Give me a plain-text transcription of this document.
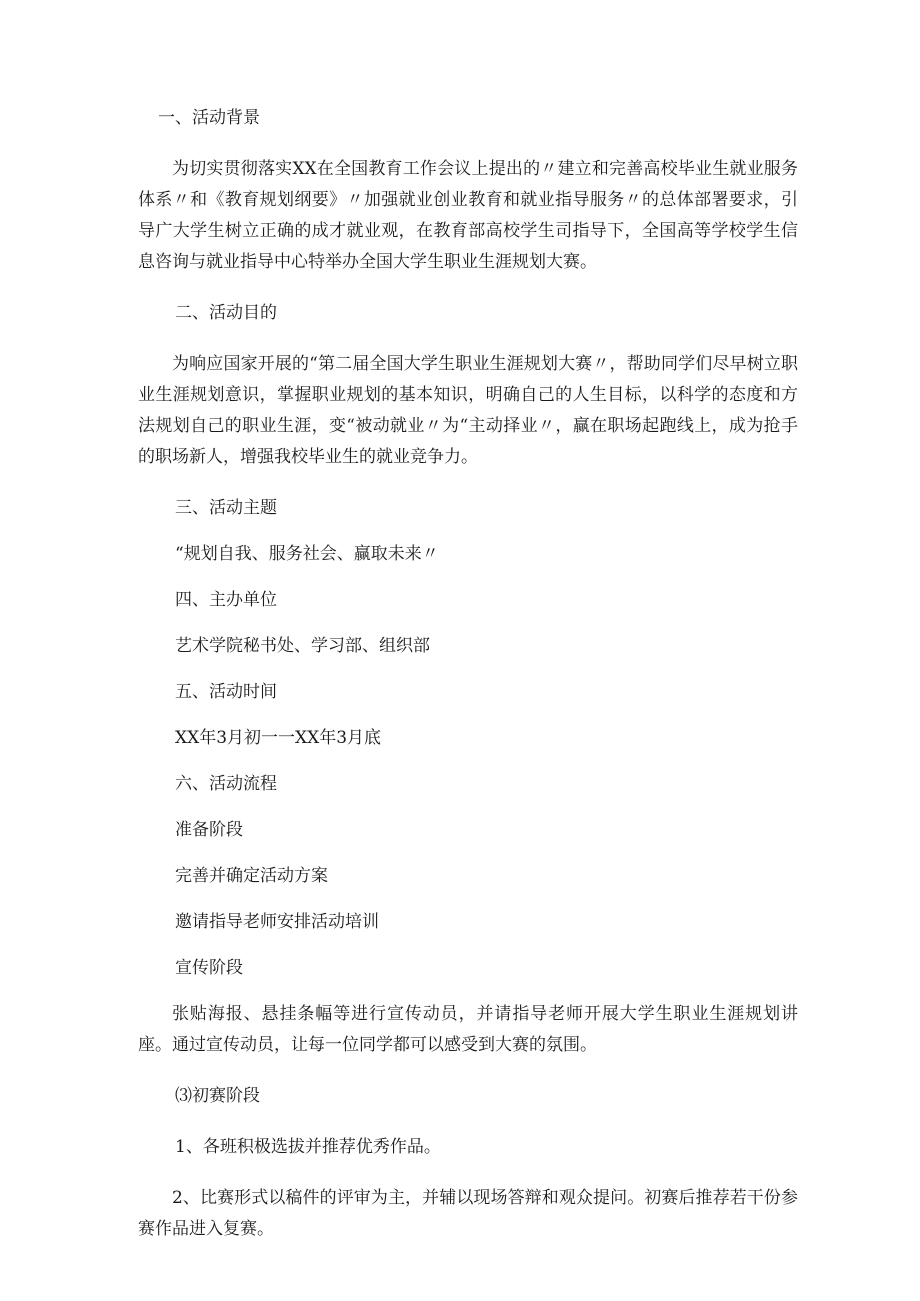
一、活动背景

为切实贯彻落实XX在全国教育工作会议上提出的〃建立和完善高校毕业生就业服务体系〃和《教育规划纲要》〃加强就业创业教育和就业指导服务〃的总体部署要求，引导广大学生树立正确的成才就业观，在教育部高校学生司指导下，全国高等学校学生信息咨询与就业指导中心特举办全国大学生职业生涯规划大赛。

二、活动目的

为响应国家开展的“第二届全国大学生职业生涯规划大赛〃，帮助同学们尽早树立职业生涯规划意识，掌握职业规划的基本知识，明确自己的人生目标，以科学的态度和方法规划自己的职业生涯，变“被动就业〃为“主动择业〃，赢在职场起跑线上，成为抢手的职场新人，增强我校毕业生的就业竞争力。

三、活动主题

“规划自我、服务社会、赢取未来〃

四、主办单位

艺术学院秘书处、学习部、组织部

五、活动时间

XX年3月初一一XX年3月底

六、活动流程

准备阶段

完善并确定活动方案

邀请指导老师安排活动培训

宣传阶段

张贴海报、悬挂条幅等进行宣传动员，并请指导老师开展大学生职业生涯规划讲座。通过宣传动员，让每一位同学都可以感受到大赛的氛围。

⑶初赛阶段

1、各班积极选拔并推荐优秀作品。

2、比赛形式以稿件的评审为主，并辅以现场答辩和观众提问。初赛后推荐若干份参赛作品进入复赛。
